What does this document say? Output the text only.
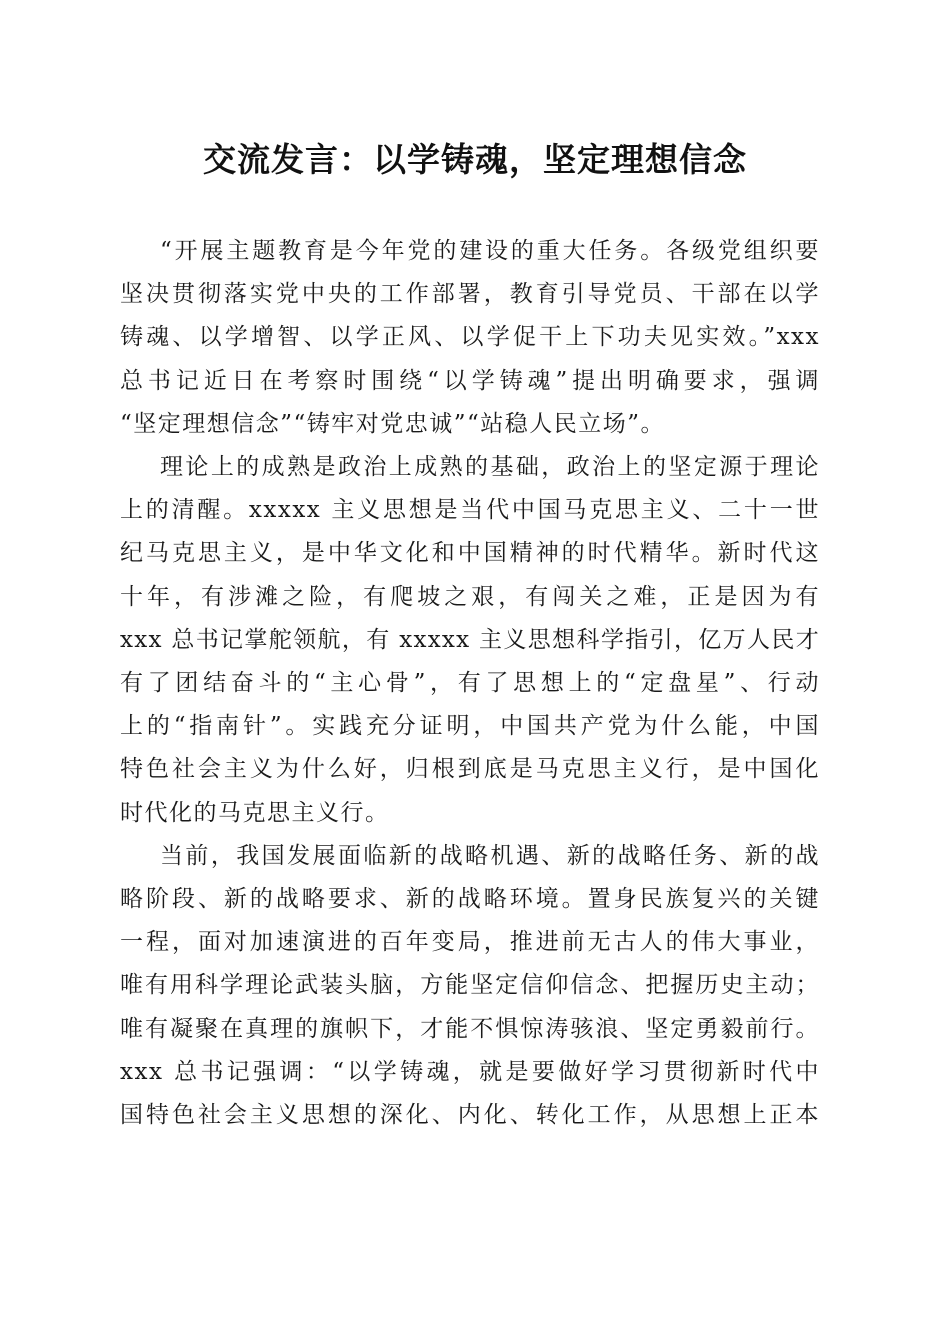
交流发言：以学铸魂，坚定理想信念
“开展主题教育是今年党的建设的重大任务。各级党组织要
坚决贯彻落实党中央的工作部署，教育引导党员、干部在以学
铸魂、以学增智、以学正风、以学促干上下功夫见实效。”xxx
总书记近日在考察时围绕“以学铸魂”提出明确要求，强调
“坚定理想信念”“铸牢对党忠诚”“站稳人民立场”。
理论上的成熟是政治上成熟的基础，政治上的坚定源于理论
上的清醒。xxxxx 主义思想是当代中国马克思主义、二十一世
纪马克思主义，是中华文化和中国精神的时代精华。新时代这
十年，有涉滩之险，有爬坡之艰，有闯关之难，正是因为有
xxx 总书记掌舵领航，有 xxxxx 主义思想科学指引，亿万人民才
有了团结奋斗的“主心骨”，有了思想上的“定盘星”、行动
上的“指南针”。实践充分证明，中国共产党为什么能，中国
特色社会主义为什么好，归根到底是马克思主义行，是中国化
时代化的马克思主义行。
当前，我国发展面临新的战略机遇、新的战略任务、新的战
略阶段、新的战略要求、新的战略环境。置身民族复兴的关键
一程，面对加速演进的百年变局，推进前无古人的伟大事业，
唯有用科学理论武装头脑，方能坚定信仰信念、把握历史主动；
唯有凝聚在真理的旗帜下，才能不惧惊涛骇浪、坚定勇毅前行。
xxx 总书记强调：“以学铸魂，就是要做好学习贯彻新时代中
国特色社会主义思想的深化、内化、转化工作，从思想上正本
